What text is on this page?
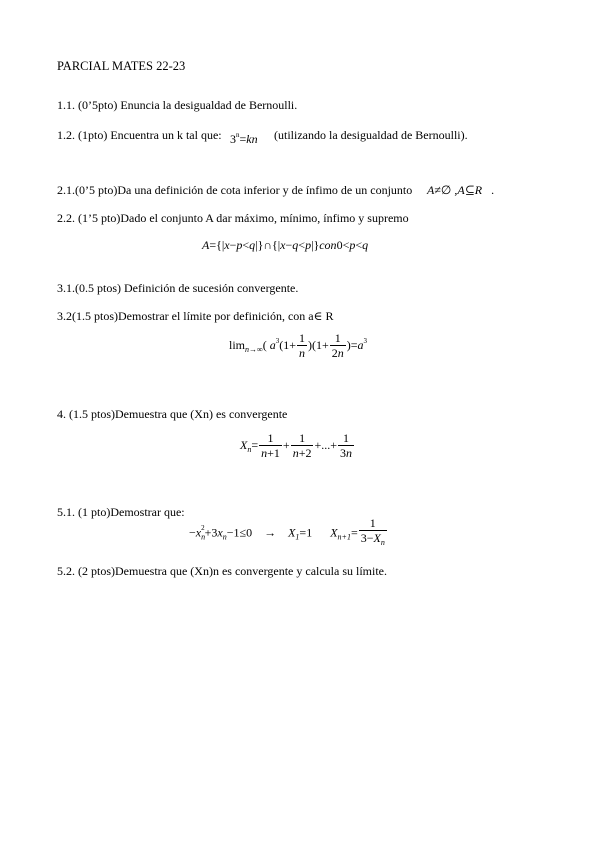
PARCIAL MATES 22-23
1.1. (0’5pto) Enuncia la desigualdad de Bernoulli.
1.2. (1pto) Encuentra un k tal que: $3^n=kn$ (utilizando la desigualdad de Bernoulli).
2.1.(0’5 pto)Da una definición de cota inferior y de ínfimo de un conjunto A≠∅ ,A⊆R   .
2.2. (1’5 pto)Dado el conjunto A dar máximo, mínimo, ínfimo y supremo
A={|x−p<q|}∩{|x−q<p|}con0<p<q
3.1.(0.5 ptos) Definición de sucesión convergente.
3.2(1.5 ptos)Demostrar el límite por definición, con a∈ R
$\lim_{n\to\infty}$( $a^3(1+ \frac{1}{n} )(1+ \frac{1}{2n} )=a^3$
4. (1.5 ptos)Demuestra que (Xn) es convergente
$X_n= \frac{1}{n+1} + \frac{1}{n+2}$ +...+ $\frac{1}{3n}$
5.1. (1 pto)Demostrar que:
$-x_n^2+3x_n-1\le 0$    →    $X_1=1$      $X_{n+1}= \frac{1}{3-X_n}$
5.2. (2 ptos)Demuestra que (Xn)n es convergente y calcula su límite.
